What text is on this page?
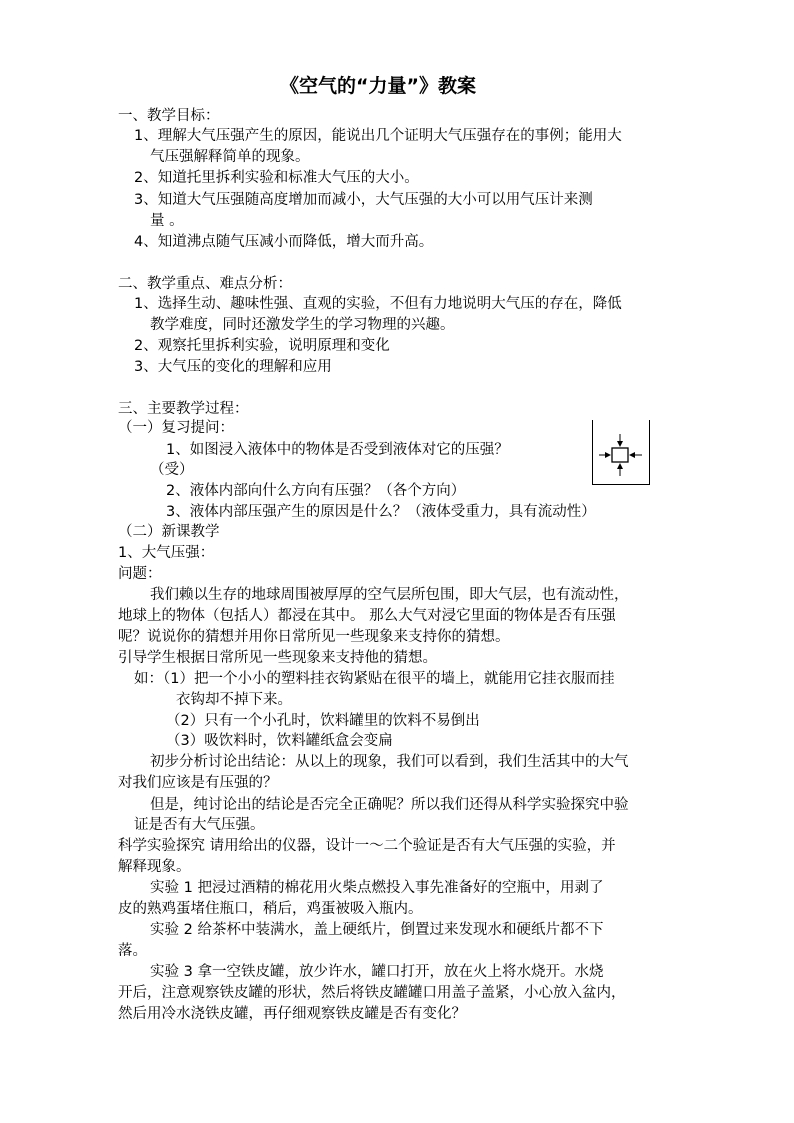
《空气的“力量”》教案
一、教学目标：
1、理解大气压强产生的原因，能说出几个证明大气压强存在的事例；能用大
气压强解释简单的现象。
2、知道托里拆利实验和标准大气压的大小。
3、知道大气压强随高度增加而减小，大气压强的大小可以用气压计来测
量 。
4、知道沸点随气压减小而降低，增大而升高。
二、教学重点、难点分析：
1、选择生动、趣味性强、直观的实验，不但有力地说明大气压的存在，降低
教学难度，同时还激发学生的学习物理的兴趣。
2、观察托里拆利实验，说明原理和变化
3、大气压的变化的理解和应用
三、主要教学过程：
（一）复习提问：
1、如图浸入液体中的物体是否受到液体对它的压强？
（受）
2、液体内部向什么方向有压强？（各个方向）
3、液体内部压强产生的原因是什么？（液体受重力，具有流动性）
（二）新课教学
1、大气压强：
问题：
我们赖以生存的地球周围被厚厚的空气层所包围，即大气层，也有流动性，
地球上的物体（包括人）都浸在其中。 那么大气对浸它里面的物体是否有压强
呢？说说你的猜想并用你日常所见一些现象来支持你的猜想。
引导学生根据日常所见一些现象来支持他的猜想。
如：（1）把一个小小的塑料挂衣钩紧贴在很平的墙上，就能用它挂衣服而挂
衣钩却不掉下来。
（2）只有一个小孔时，饮料罐里的饮料不易倒出
（3）吸饮料时，饮料罐纸盒会变扁
初步分析讨论出结论：从以上的现象，我们可以看到，我们生活其中的大气
对我们应该是有压强的？
但是，纯讨论出的结论是否完全正确呢？所以我们还得从科学实验探究中验
证是否有大气压强。
科学实验探究 请用给出的仪器，设计一～二个验证是否有大气压强的实验，并
解释现象。
实验 1 把浸过酒精的棉花用火柴点燃投入事先准备好的空瓶中，用剥了
皮的熟鸡蛋堵住瓶口，稍后，鸡蛋被吸入瓶内。
实验 2 给茶杯中装满水，盖上硬纸片，倒置过来发现水和硬纸片都不下
落。
实验 3 拿一空铁皮罐，放少许水，罐口打开，放在火上将水烧开。水烧
开后，注意观察铁皮罐的形状，然后将铁皮罐罐口用盖子盖紧，小心放入盆内，
然后用冷水浇铁皮罐，再仔细观察铁皮罐是否有变化？
